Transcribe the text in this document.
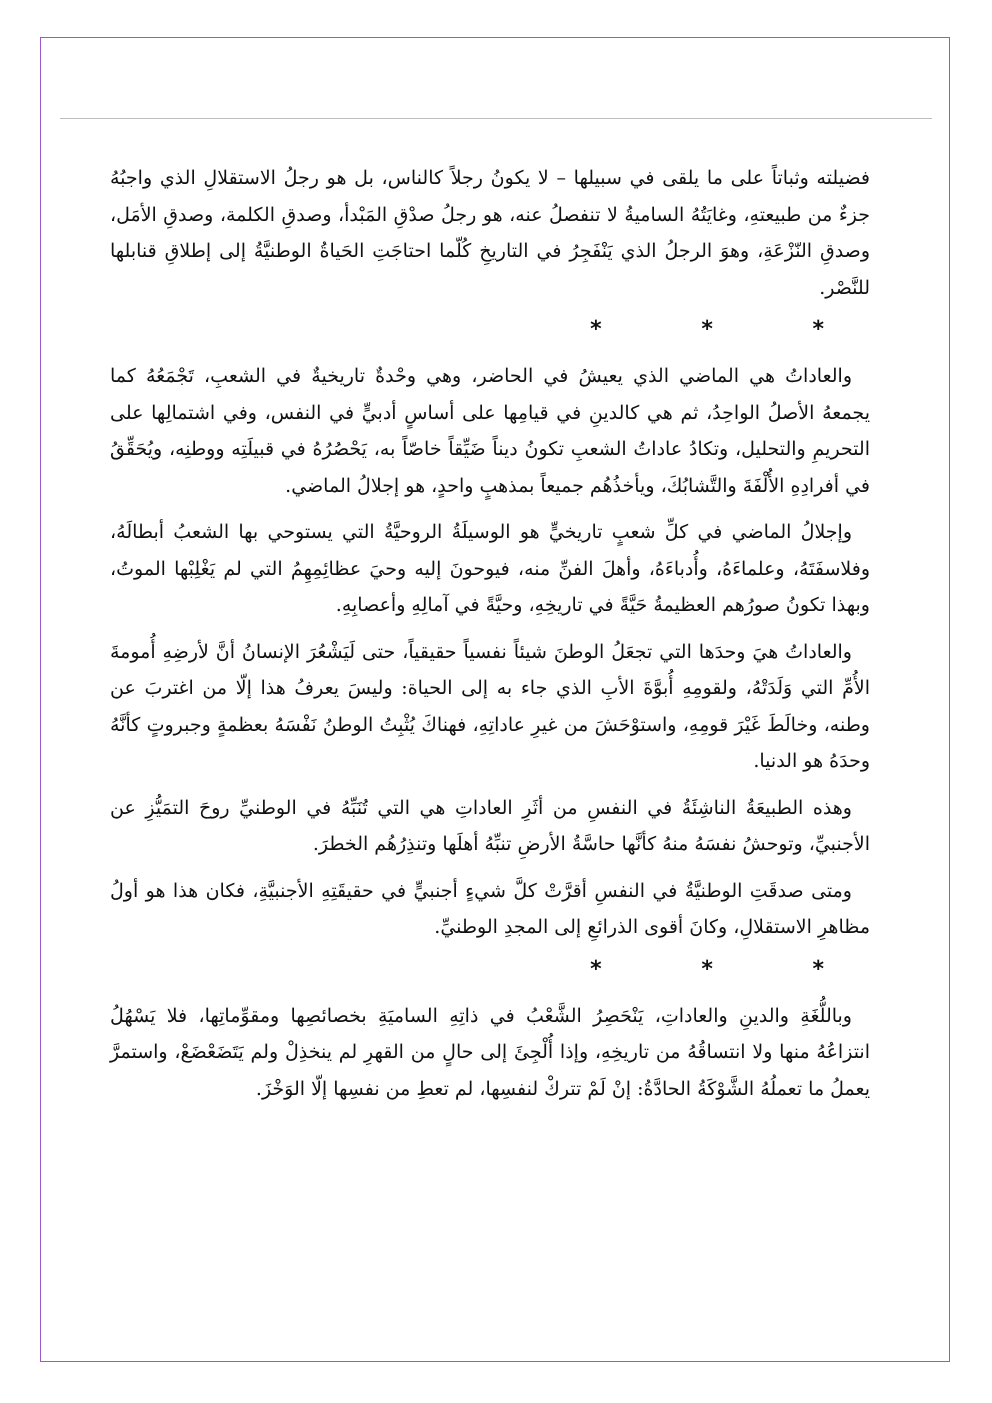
فضيلته وثباتاً على ما يلقى في سبيلها – لا يكونُ رجلاً كالناس، بل هو رجلُ الاستقلالِ الذي واجبُهُ جزءٌ من طبيعتهِ، وغايَتُهُ الساميةُ لا تنفصلُ عنه، هو رجلُ صدْقِ المَبْدأ، وصدقِ الكلمة، وصدقِ الأمَل، وصدقِ النّزْعَةِ، وهوَ الرجلُ الذي يَنْفَجِرُ في التاريخِ كُلّما احتاجَتِ الحَياةُ الوطنيَّةُ إلى إطلاقِ قنابلها للنَّصْر.

* * *

والعاداتُ هي الماضي الذي يعيشُ في الحاضر، وهي وحْدةٌ تاريخيةٌ في الشعبِ، تَجْمَعُهُ كما يجمعهُ الأصلُ الواحِدُ، ثم هي كالدينِ في قيامِها على أساسٍ أدبيٍّ في النفس، وفي اشتمالِها على التحريمِ والتحليل، وتكادُ عاداتُ الشعبِ تكونُ ديناً ضَيِّقاً خاصّاً به، يَحْصُرُهُ في قبيلَتِه ووطنِه، ويُحَقِّقُ في أفرادِهِ الأُلْفَةَ والتَّشابُكَ، ويأخذُهُم جميعاً بمذهبٍ واحدٍ، هو إجلالُ الماضي.

وإجلالُ الماضي في كلِّ شعبٍ تاريخيٍّ هو الوسيلَةُ الروحيَّةُ التي يستوحي بها الشعبُ أبطالَهُ، وفلاسفَتَهُ، وعلماءَهُ، وأُدباءَهُ، وأهلَ الفنِّ منه، فيوحونَ إليه وحيَ عظائِمِهِمُ التي لم يَغْلِبْها الموتُ، وبهذا تكونُ صورُهم العظيمةُ حَيَّةً في تاريخِهِ، وحيَّةً في آمالِهِ وأعصابِهِ.

والعاداتُ هيَ وحدَها التي تجعَلُ الوطنَ شيئاً نفسياً حقيقياً، حتى لَيَشْعُرَ الإنسانُ أنَّ لأرضِهِ أُمومةَ الأُمِّ التي وَلَدَتْهُ، ولقومِهِ أُبوَّةَ الأبِ الذي جاء به إلى الحياة: وليسَ يعرفُ هذا إلّا من اغتربَ عن وطنه، وخالَطَ غَيْرَ قومِهِ، واستوْحَشَ من غيرِ عاداتِهِ، فهناكَ يُثْبِتُ الوطنُ نَفْسَهُ بعظمةٍ وجبروتٍ كأنَّهُ وحدَهُ هو الدنيا.

وهذه الطبيعَةُ الناشِئَةُ في النفسِ من أثَرِ العاداتِ هي التي تُنَبِّهُ في الوطنيِّ روحَ التمَيُّزِ عن الأجنبيِّ، وتوحشُ نفسَهُ منهُ كأنَّها حاسَّةُ الأرضِ تنبِّهُ أهلَها وتنذِرُهُم الخطرَ.

ومتى صدقَتِ الوطنيَّةُ في النفسِ أقرَّتْ كلَّ شيءٍ أجنبيٍّ في حقيقَتِهِ الأجنبيَّةِ، فكان هذا هو أولُ مظاهرِ الاستقلالِ، وكانَ أقوى الذرائعِ إلى المجدِ الوطنيِّ.

* * *

وباللُّغَةِ والدينِ والعاداتِ، يَنْحَصِرُ الشَّعْبُ في ذاتِهِ الساميَةِ بخصائصِها ومقوِّماتِها، فلا يَسْهُلُ انتزاعُهُ منها ولا انتساقُهُ من تاريخِهِ، وإذا أُلْجِئَ إلى حالٍ من القهرِ لم ينخذِلْ ولم يَتَضَعْضَعْ، واستمرَّ يعملُ ما تعملُهُ الشَّوْكَةُ الحادَّةُ: إنْ لَمْ تتركْ لنفسِها، لم تعطِ من نفسِها إلّا الوَخْزَ.
